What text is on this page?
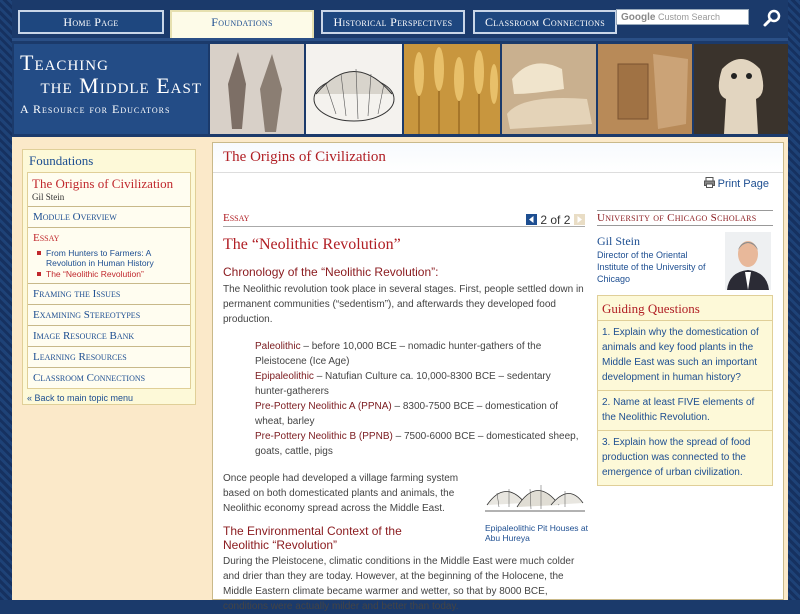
Home Page	Foundations	Historical Perspectives	Classroom Connections	Google Custom Search
Teaching
the Middle East
A Resource for Educators
Foundations
The Origins of Civilization
Gil Stein
Module Overview
Essay
From Hunters to Farmers: A Revolution in Human History
The “Neolithic Revolution”
Framing the Issues
Examining Stereotypes
Image Resource Bank
Learning Resources
Classroom Connections
« Back to main topic menu
The Origins of Civilization
Print Page
Essay	2 of 2
The “Neolithic Revolution”
Chronology of the “Neolithic Revolution”:
The Neolithic revolution took place in several stages. First, people settled down in permanent communities (“sedentism”), and afterwards they developed food production.
Paleolithic – before 10,000 BCE – nomadic hunter-gathers of the Pleistocene (Ice Age)
Epipaleolithic – Natufian Culture ca. 10,000-8300 BCE – sedentary hunter-gatherers
Pre-Pottery Neolithic A (PPNA) – 8300-7500 BCE – domestication of wheat, barley
Pre-Pottery Neolithic B (PPNB) – 7500-6000 BCE – domesticated sheep, goats, cattle, pigs
Once people had developed a village farming system based on both domesticated plants and animals, the Neolithic economy spread across the Middle East.
Epipaleolithic Pit Houses at Abu Hureya
The Environmental Context of the Neolithic “Revolution”
During the Pleistocene, climatic conditions in the Middle East were much colder and drier than they are today. However, at the beginning of the Holocene, the Middle Eastern climate became warmer and wetter, so that by 8000 BCE, conditions were actually milder and better than today.
University of Chicago Scholars
Gil Stein
Director of the Oriental Institute of the University of Chicago
Guiding Questions
1. Explain why the domestication of animals and key food plants in the Middle East was such an important development in human history?
2. Name at least FIVE elements of the Neolithic Revolution.
3. Explain how the spread of food production was connected to the emergence of urban civilization.
